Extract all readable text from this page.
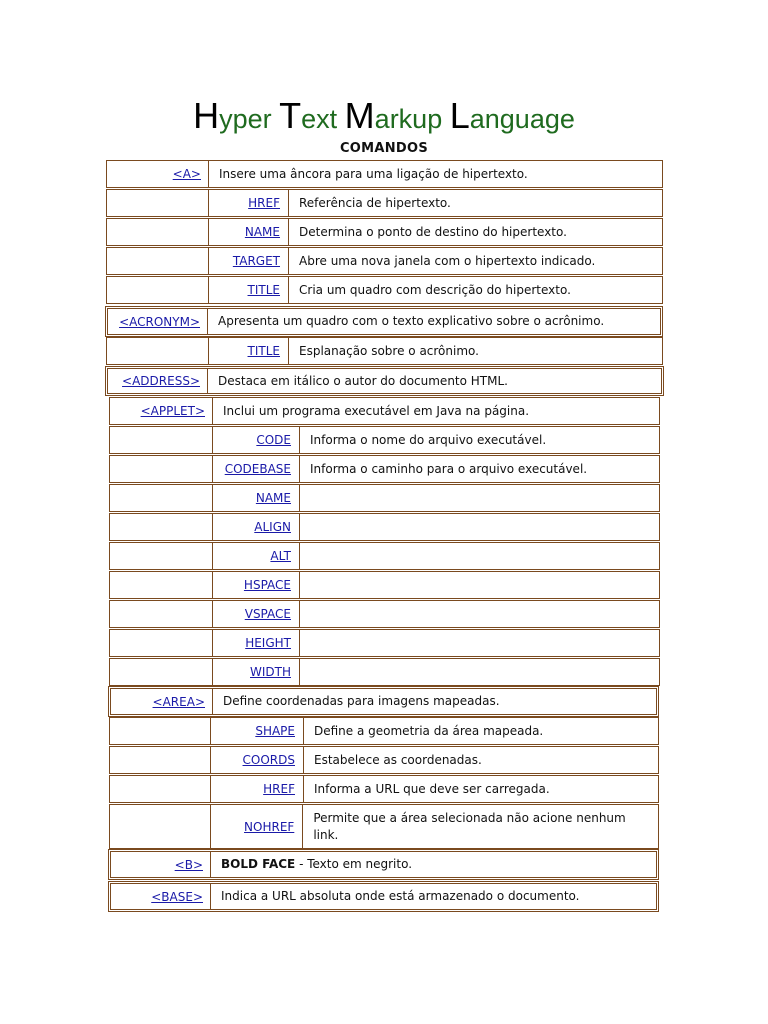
Hyper Text Markup Language
COMANDOS
<A> Insere uma âncora para uma ligação de hipertexto.
HREF Referência de hipertexto.
NAME Determina o ponto de destino do hipertexto.
TARGET Abre uma nova janela com o hipertexto indicado.
TITLE Cria um quadro com descrição do hipertexto.
<ACRONYM> Apresenta um quadro com o texto explicativo sobre o acrônimo.
TITLE Esplanação sobre o acrônimo.
<ADDRESS> Destaca em itálico o autor do documento HTML.
<APPLET> Inclui um programa executável em Java na página.
CODE Informa o nome do arquivo executável.
CODEBASE Informa o caminho para o arquivo executável.
NAME
ALIGN
ALT
HSPACE
VSPACE
HEIGHT
WIDTH
<AREA> Define coordenadas para imagens mapeadas.
SHAPE Define a geometria da área mapeada.
COORDS Estabelece as coordenadas.
HREF Informa a URL que deve ser carregada.
NOHREF
Permite que a área selecionada não acione nenhum link.
<B> BOLD FACE - Texto em negrito.
<BASE> Indica a URL absoluta onde está armazenado o documento.
